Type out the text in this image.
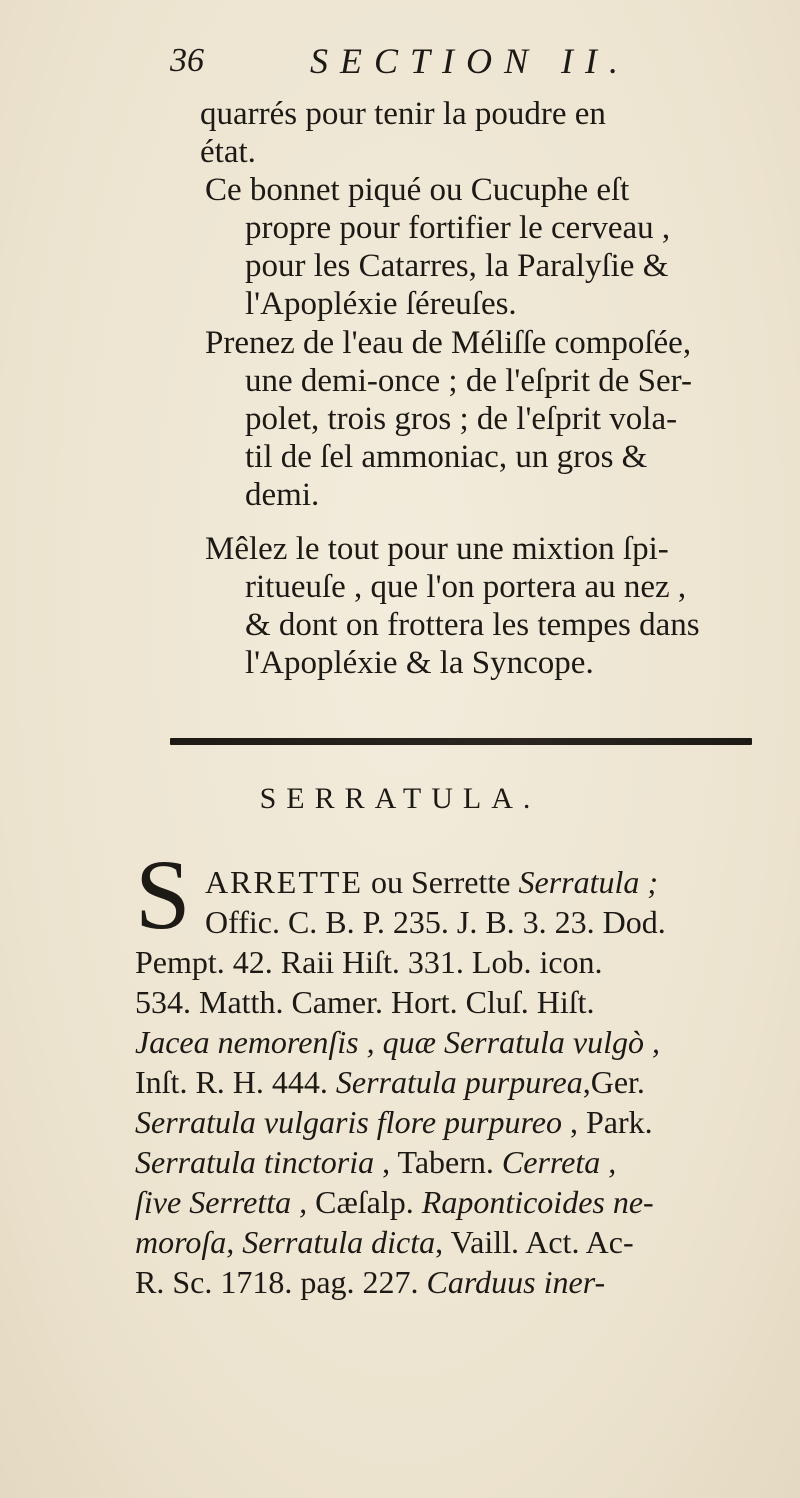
36	SECTION II.
quarrés pour tenir la poudre en
état.
Ce bonnet piqué ou Cucuphe eſt
propre pour fortifier le cerveau ,
pour les Catarres, la Paralyſie &
l'Apopléxie ſéreuſes.
Prenez de l'eau de Méliſſe compoſée,
une demi-once ; de l'eſprit de Ser-
polet, trois gros ; de l'eſprit vola-
til de ſel ammoniac, un gros &
demi.
Mêlez le tout pour une mixtion ſpi-
ritueuſe , que l'on portera au nez ,
& dont on frottera les tempes dans
l'Apopléxie & la Syncope.
SERRATULA.
S ARRETTE ou Serrette Serratula ;
Offic. C. B. P. 235. J. B. 3. 23. Dod.
Pempt. 42. Raii Hiſt. 331. Lob. icon.
534. Matth. Camer. Hort. Cluſ. Hiſt.
Jacea nemorenſis , quæ Serratula vulgò ,
Inſt. R. H. 444. Serratula purpurea,Ger.
Serratula vulgaris flore purpureo , Park.
Serratula tinctoria , Tabern. Cerreta ,
ſive Serretta , Cæſalp. Raponticoides ne-
moroſa, Serratula dicta, Vaill. Act. Ac-
R. Sc. 1718. pag. 227. Carduus iner-
